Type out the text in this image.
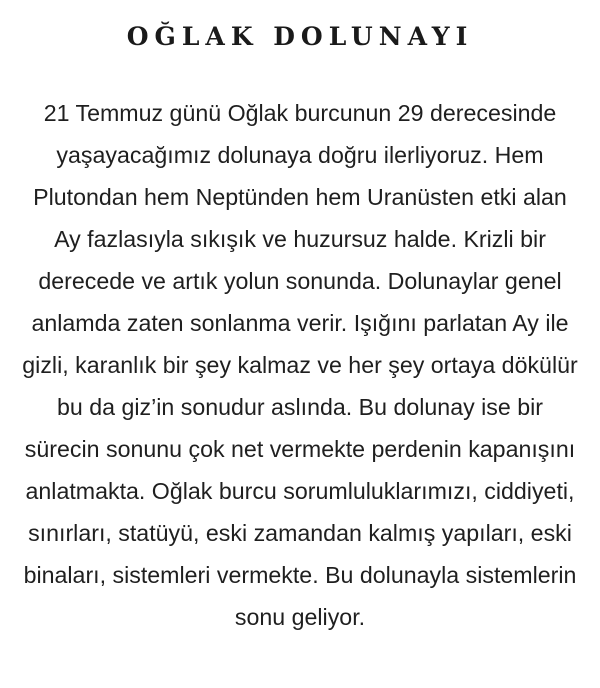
OĞLAK DOLUNAYI

21 Temmuz günü Oğlak burcunun 29 derecesinde
yaşayacağımız dolunaya doğru ilerliyoruz. Hem
Plutondan hem Neptünden hem Uranüsten etki alan
Ay fazlasıyla sıkışık ve huzursuz halde. Krizli bir
derecede ve artık yolun sonunda. Dolunaylar genel
anlamda zaten sonlanma verir. Işığını parlatan Ay ile
gizli, karanlık bir şey kalmaz ve her şey ortaya dökülür
bu da giz’in sonudur aslında. Bu dolunay ise bir
sürecin sonunu çok net vermekte perdenin kapanışını
anlatmakta. Oğlak burcu sorumluluklarımızı, ciddiyeti,
sınırları, statüyü, eski zamandan kalmış yapıları, eski
binaları, sistemleri vermekte. Bu dolunayla sistemlerin
sonu geliyor.
